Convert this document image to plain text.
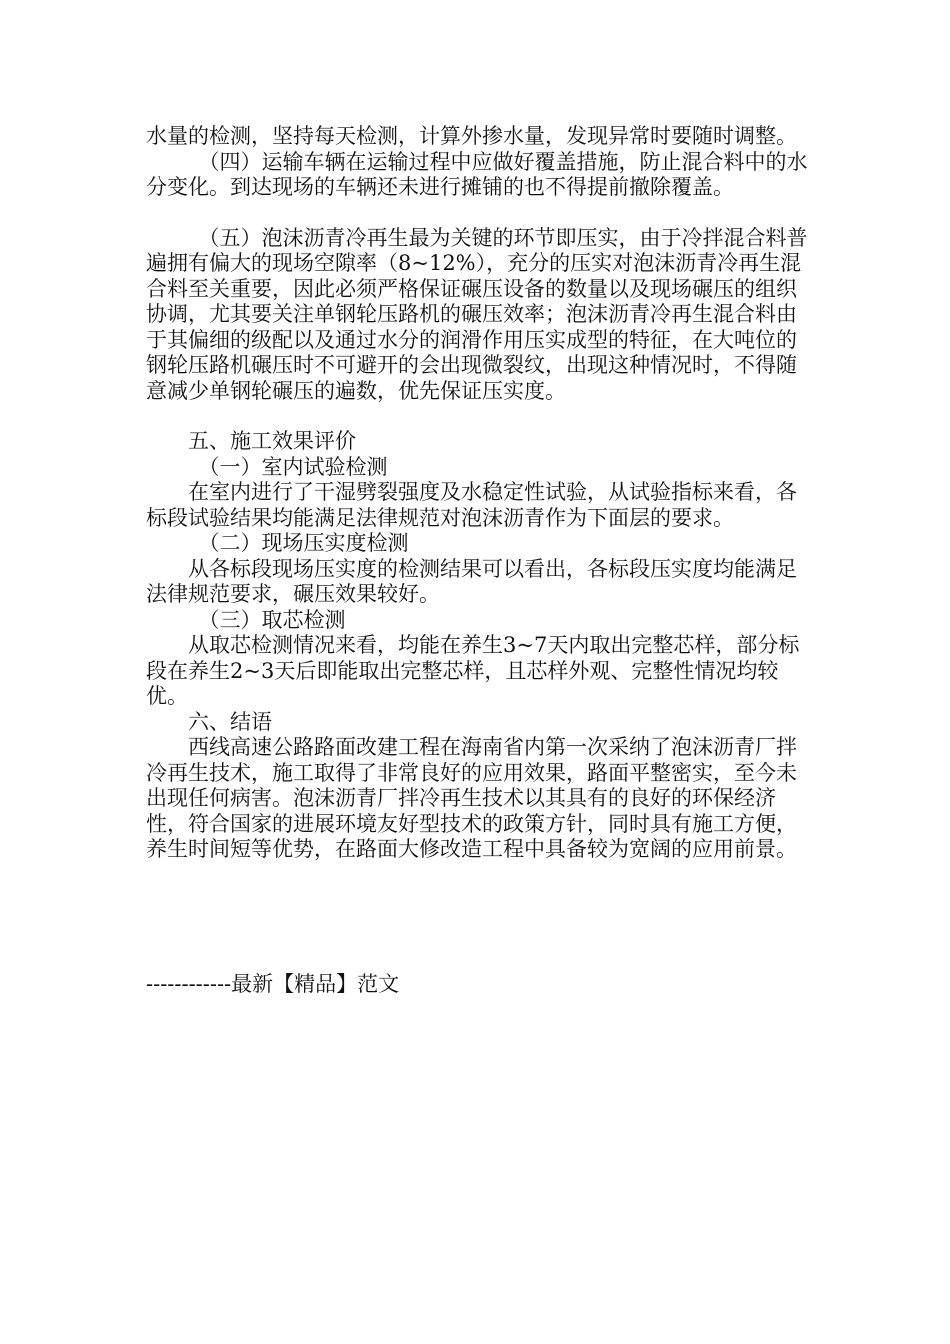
水量的检测，坚持每天检测，计算外掺水量，发现异常时要随时调整。

（四）运输车辆在运输过程中应做好覆盖措施，防止混合料中的水分变化。到达现场的车辆还未进行摊铺的也不得提前撤除覆盖。

（五）泡沫沥青冷再生最为关键的环节即压实，由于冷拌混合料普遍拥有偏大的现场空隙率（8~12%），充分的压实对泡沫沥青冷再生混合料至关重要，因此必须严格保证碾压设备的数量以及现场碾压的组织协调，尤其要关注单钢轮压路机的碾压效率；泡沫沥青冷再生混合料由于其偏细的级配以及通过水分的润滑作用压实成型的特征，在大吨位的钢轮压路机碾压时不可避开的会出现微裂纹，出现这种情况时，不得随意减少单钢轮碾压的遍数，优先保证压实度。

五、施工效果评价

（一）室内试验检测

在室内进行了干湿劈裂强度及水稳定性试验，从试验指标来看，各标段试验结果均能满足法律规范对泡沫沥青作为下面层的要求。

（二）现场压实度检测

从各标段现场压实度的检测结果可以看出，各标段压实度均能满足法律规范要求，碾压效果较好。

（三）取芯检测

从取芯检测情况来看，均能在养生3~7天内取出完整芯样，部分标段在养生2~3天后即能取出完整芯样，且芯样外观、完整性情况均较优。

六、结语

西线高速公路路面改建工程在海南省内第一次采纳了泡沫沥青厂拌冷再生技术，施工取得了非常良好的应用效果，路面平整密实，至今未出现任何病害。泡沫沥青厂拌冷再生技术以其具有的良好的环保经济性，符合国家的进展环境友好型技术的政策方针，同时具有施工方便，养生时间短等优势，在路面大修改造工程中具备较为宽阔的应用前景。

------------最新【精品】范文
